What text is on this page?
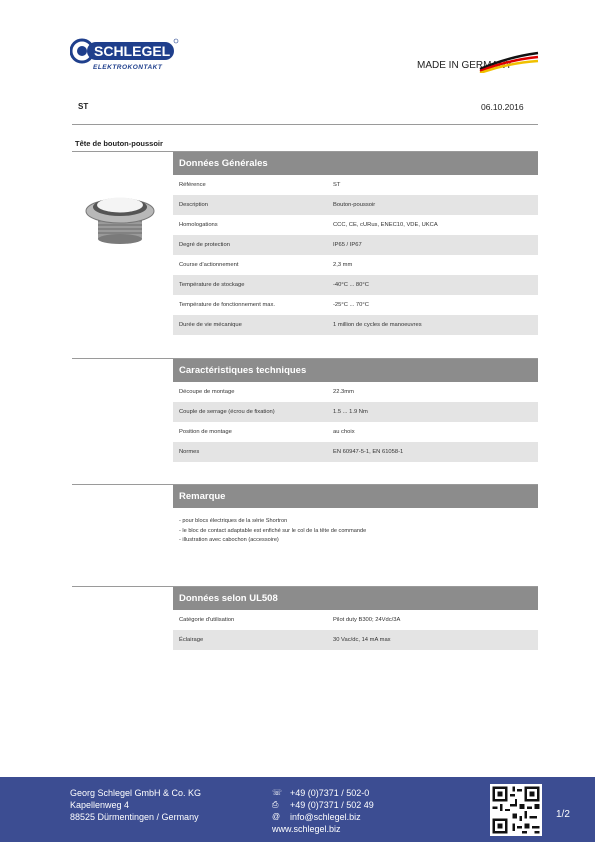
SCHLEGEL
ELEKTROKONTAKT	MADE IN GERMANY
ST	06.10.2016
Tête de bouton-poussoir
Données Générales
Référence	ST
Description	Bouton-poussoir
Homologations	CCC, CE, cURus, ENEC10, VDE, UKCA
Degré de protection	IP65 / IP67
Course d'actionnement	2,3 mm
Température de stockage	-40°C ... 80°C
Température de fonctionnement max.	-25°C ... 70°C
Durée de vie mécanique	1 million de cycles de manoeuvres
Caractéristiques techniques
Découpe de montage	22.3mm
Couple de serrage (écrou de fixation)	1.5 ... 1.9 Nm
Position de montage	au choix
Normes	EN 60947-5-1, EN 61058-1
Remarque
- pour blocs électriques de la série Shortron
- le bloc de contact adaptable est enfiché sur le col de la tête de commande
- illustration avec cabochon (accessoire)
Données selon UL508
Catégorie d'utilisation	Pilot duty B300; 24Vdc/3A
Éclairage	30 Vac/dc, 14 mA max
Georg Schlegel GmbH & Co. KG
Kapellenweg 4
88525 Dürmentingen / Germany
☏ +49 (0)7371 / 502-0
⎙	+49 (0)7371 / 502 49
@	info@schlegel.biz
www.schlegel.biz
1/2
